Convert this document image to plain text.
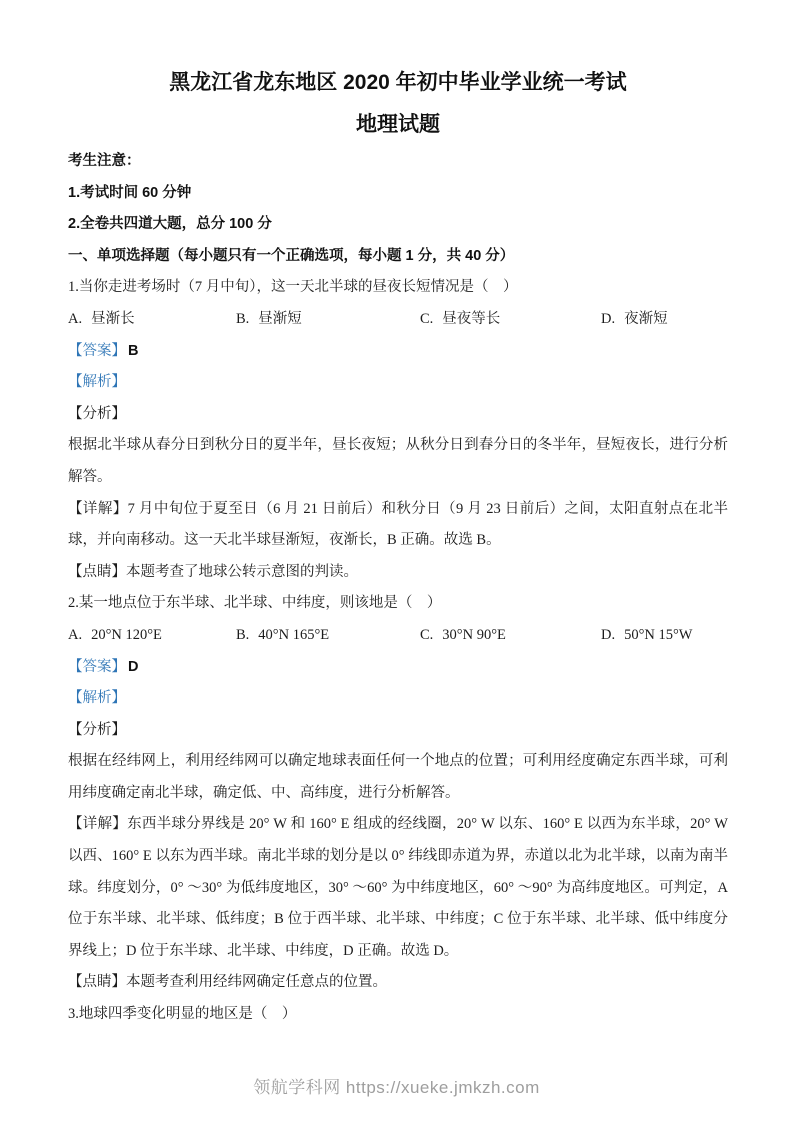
黑龙江省龙东地区 2020 年初中毕业学业统一考试
地理试题

考生注意：

1.考试时间 60 分钟

2.全卷共四道大题，总分 100 分

一、单项选择题（每小题只有一个正确选项，每小题 1 分，共 40 分）

1.当你走进考场时（7 月中旬），这一天北半球的昼夜长短情况是（　）

A. 昼渐长	B. 昼渐短	C. 昼夜等长	D. 夜渐短

【答案】 B

【解析】

【分析】

根据北半球从春分日到秋分日的夏半年，昼长夜短；从秋分日到春分日的冬半年，昼短夜长，进行分析解答。

【详解】7 月中旬位于夏至日（6 月 21 日前后）和秋分日（9 月 23 日前后）之间，太阳直射点在北半球，并向南移动。这一天北半球昼渐短，夜渐长，B 正确。故选 B。

【点睛】本题考查了地球公转示意图的判读。

2.某一地点位于东半球、北半球、中纬度，则该地是（　）

A. 20°N 120°E	B. 40°N 165°E	C. 30°N 90°E	D. 50°N 15°W

【答案】 D

【解析】

【分析】

根据在经纬网上，利用经纬网可以确定地球表面任何一个地点的位置；可利用经度确定东西半球，可利用纬度确定南北半球，确定低、中、高纬度，进行分析解答。

【详解】东西半球分界线是 20° W 和 160° E 组成的经线圈，20° W 以东、160° E 以西为东半球，20° W 以西、160° E 以东为西半球。南北半球的划分是以 0° 纬线即赤道为界，赤道以北为北半球，以南为南半球。纬度划分，0° ～30° 为低纬度地区，30° ～60° 为中纬度地区，60° ～90° 为高纬度地区。可判定，A 位于东半球、北半球、低纬度；B 位于西半球、北半球、中纬度；C 位于东半球、北半球、低中纬度分界线上；D 位于东半球、北半球、中纬度，D 正确。故选 D。

【点睛】本题考查利用经纬网确定任意点的位置。

3.地球四季变化明显的地区是（　）

领航学科网 https://xueke.jmkzh.com
